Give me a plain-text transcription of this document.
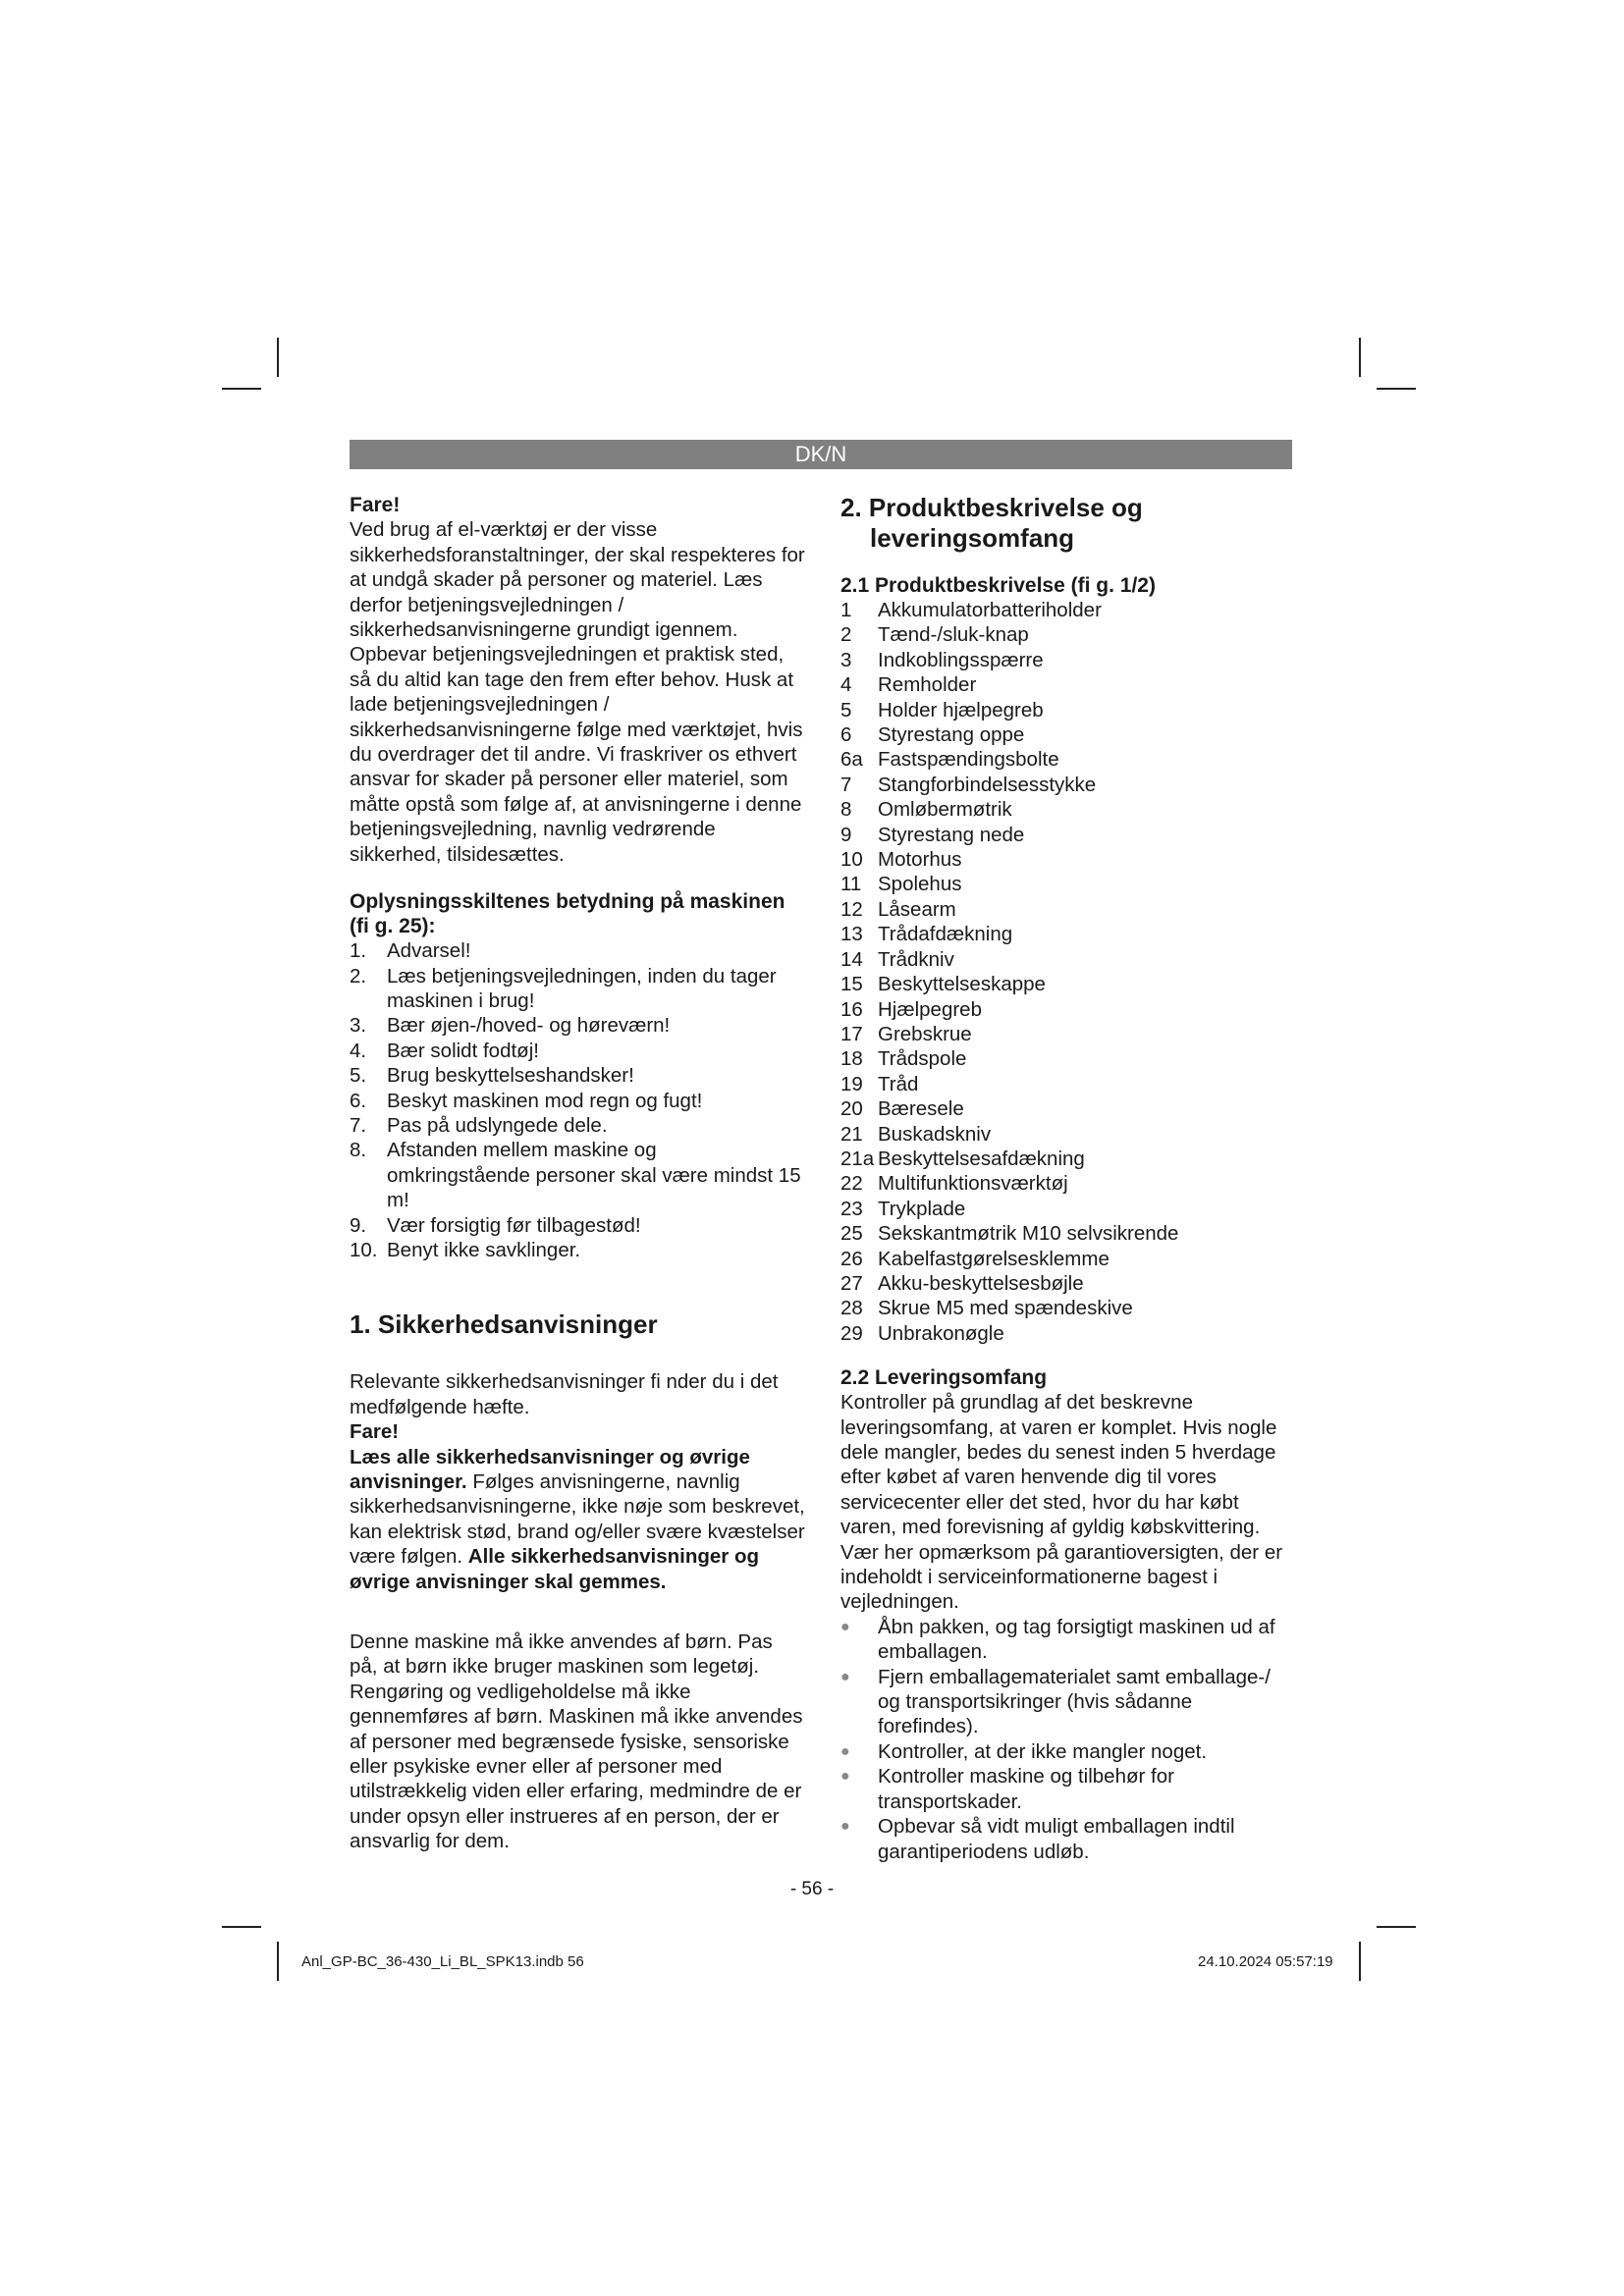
DK/N

Fare!

Ved brug af el-værktøj er der visse sikkerhedsforanstaltninger, der skal respekteres for at undgå skader på personer og materiel. Læs derfor betjeningsvejledningen / sikkerhedsanvisningerne grundigt igennem. Opbevar betjeningsvejledningen et praktisk sted, så du altid kan tage den frem efter behov. Husk at lade betjeningsvejledningen / sikkerhedsanvisningerne følge med værktøjet, hvis du overdrager det til andre. Vi fraskriver os ethvert ansvar for skader på personer eller materiel, som måtte opstå som følge af, at anvisningerne i denne betjeningsvejledning, navnlig vedrørende sikkerhed, tilsidesættes.

Oplysningsskiltenes betydning på maskinen (fi g. 25):

1.	Advarsel!
2.	Læs betjeningsvejledningen, inden du tager maskinen i brug!
3.	Bær øjen-/hoved- og høreværn!
4.	Bær solidt fodtøj!
5.	Brug beskyttelseshandsker!
6.	Beskyt maskinen mod regn og fugt!
7.	Pas på udslyngede dele.
8.	Afstanden mellem maskine og omkringstående personer skal være mindst 15 m!
9.	Vær forsigtig før tilbagestød!
10. Benyt ikke savklinger.

1. Sikkerhedsanvisninger

Relevante sikkerhedsanvisninger fi nder du i det medfølgende hæfte.

Fare!

Læs alle sikkerhedsanvisninger og øvrige anvisninger. Følges anvisningerne, navnlig sikkerhedsanvisningerne, ikke nøje som beskrevet, kan elektrisk stød, brand og/eller svære kvæstelser være følgen. Alle sikkerhedsanvisninger og øvrige anvisninger skal gemmes.

Denne maskine må ikke anvendes af børn. Pas på, at børn ikke bruger maskinen som legetøj. Rengøring og vedligeholdelse må ikke gennemføres af børn. Maskinen må ikke anvendes af personer med begrænsede fysiske, sensoriske eller psykiske evner eller af personer med utilstrækkelig viden eller erfaring, medmindre de er under opsyn eller instrueres af en person, der er ansvarlig for dem.

2. Produktbeskrivelse og

leveringsomfang

2.1 Produktbeskrivelse (fi g. 1/2)

1	Akkumulatorbatteriholder
2	Tænd-/sluk-knap
3	Indkoblingsspærre
4	Remholder
5	Holder hjælpegreb
6	Styrestang oppe
6a Fastspændingsbolte
7	Stangforbindelsesstykke
8	Omløbermøtrik
9	Styrestang nede
10 Motorhus
11 Spolehus
12 Låsearm
13 Trådafdækning
14 Trådkniv
15 Beskyttelseskappe
16 Hjælpegreb
17 Grebskrue
18 Trådspole
19 Tråd
20 Bæresele
21 Buskadskniv
21a Beskyttelsesafdækning
22 Multifunktionsværktøj
23 Trykplade
25 Sekskantmøtrik M10 selvsikrende
26 Kabelfastgørelsesklemme
27 Akku-beskyttelsesbøjle
28 Skrue M5 med spændeskive
29 Unbrakonøgle

2.2 Leveringsomfang

Kontroller på grundlag af det beskrevne leveringsomfang, at varen er komplet. Hvis nogle dele mangler, bedes du senest inden 5 hverdage efter købet af varen henvende dig til vores servicecenter eller det sted, hvor du har købt varen, med forevisning af gyldig købskvittering. Vær her opmærksom på garantioversigten, der er indeholdt i serviceinformationerne bagest i vejledningen.

●	Åbn pakken, og tag forsigtigt maskinen ud af emballagen.
●	Fjern emballagematerialet samt emballage-/ og transportsikringer (hvis sådanne forefindes).
●	Kontroller, at der ikke mangler noget.
●	Kontroller maskine og tilbehør for transportskader.
●	Opbevar så vidt muligt emballagen indtil garantiperiodens udløb.
- 56 -
Anl_GP-BC_36-430_Li_BL_SPK13.indb 56	24.10.2024 05:57:19
